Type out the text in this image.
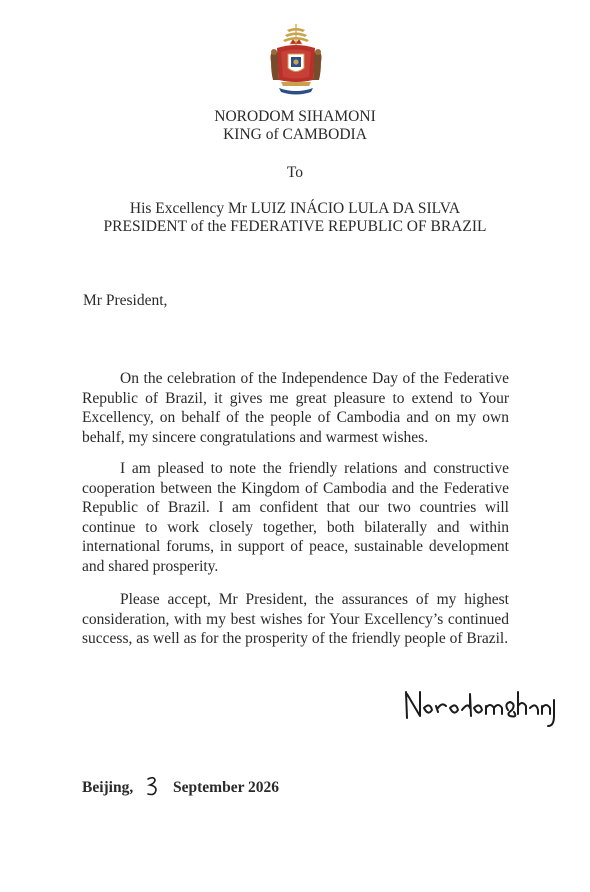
NORODOM SIHAMONI
KING of CAMBODIA
To
His Excellency Mr LUIZ INÁCIO LULA DA SILVA
PRESIDENT of the FEDERATIVE REPUBLIC OF BRAZIL
Mr President,

On the celebration of the Independence Day of the Federative Republic of Brazil, it gives me great pleasure to extend to Your Excellency, on behalf of the people of Cambodia and on my own behalf, my sincere congratulations and warmest wishes.

I am pleased to note the friendly relations and constructive cooperation between the Kingdom of Cambodia and the Federative Republic of Brazil. I am confident that our two countries will continue to work closely together, both bilaterally and within international forums, in support of peace, sustainable development and shared prosperity.

Please accept, Mr President, the assurances of my highest consideration, with my best wishes for Your Excellency’s continued success, as well as for the prosperity of the friendly people of Brazil.

Beijing,	September 2026
